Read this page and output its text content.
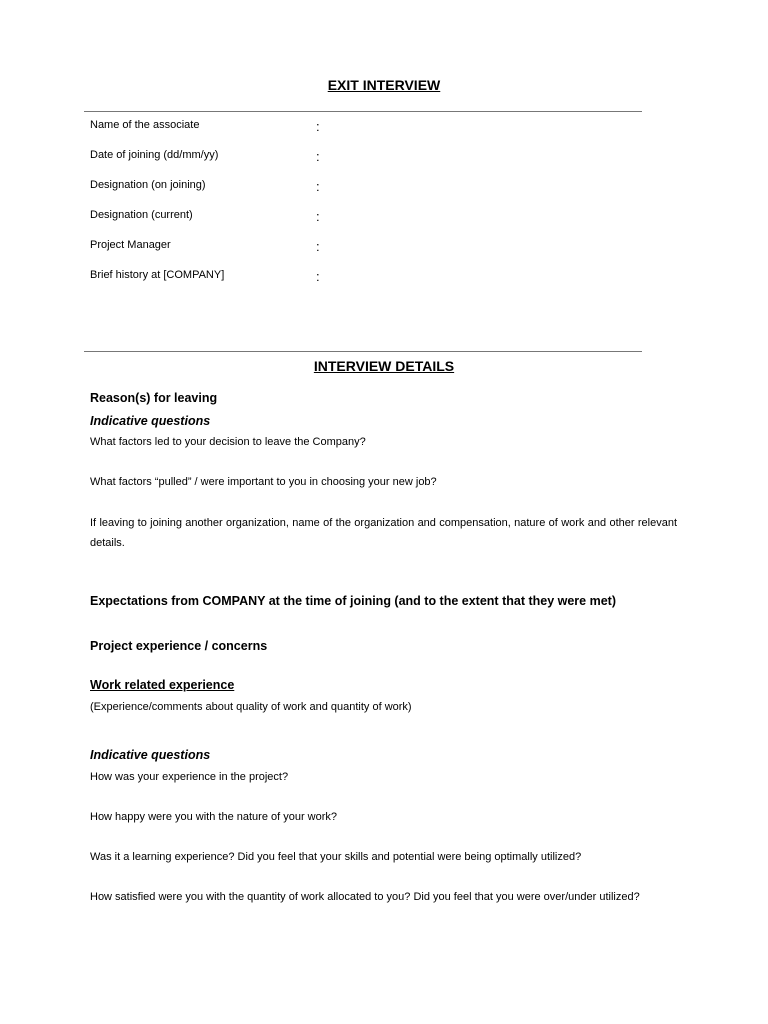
EXIT INTERVIEW
Name of the associate	:
Date of joining (dd/mm/yy)	:
Designation (on joining)	:
Designation (current)	:
Project Manager	:
Brief history at [COMPANY]	:
INTERVIEW DETAILS
Reason(s) for leaving
Indicative questions
What factors led to your decision to leave the Company?
What factors “pulled” / were important to you in choosing your new job?
If leaving to joining another organization, name of the organization and compensation, nature of work and other relevant details.
Expectations from COMPANY at the time of joining (and to the extent that they were met)
Project experience / concerns
Work related experience
(Experience/comments about quality of work and quantity of work)
Indicative questions
How was your experience in the project?
How happy were you with the nature of your work?
Was it a learning experience? Did you feel that your skills and potential were being optimally utilized?
How satisfied were you with the quantity of work allocated to you? Did you feel that you were over/under utilized?
